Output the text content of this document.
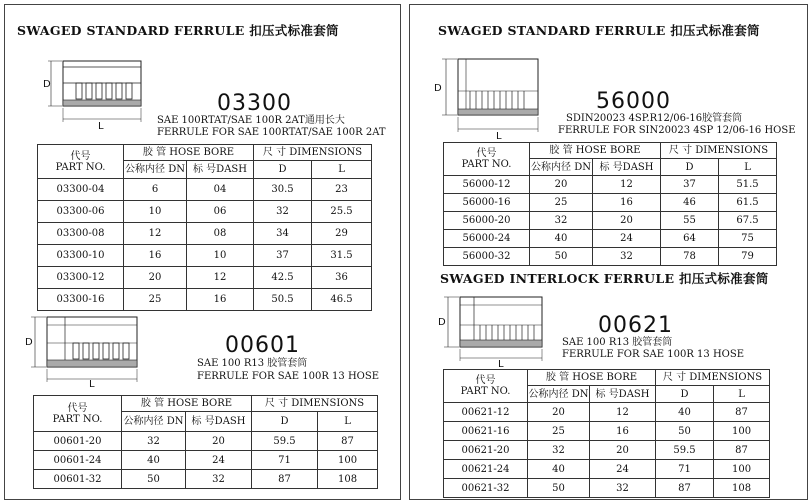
SWAGED STANDARD FERRULE 扣压式标准套筒
D
L
03300
SAE 100RTAT/SAE 100R 2AT通用长大
FERRULE FOR SAE 100RTAT/SAE 100R 2AT
代号
PART NO.	胶 管 HOSE BORE		尺 寸 DIMENSIONS	
	公称内径 DN	标 号DASH	D	L
03300-04	6	04	30.5	23
03300-06	10	06	32	25.5
03300-08	12	08	34	29
03300-10	16	10	37	31.5
03300-12	20	12	42.5	36
03300-16	25	16	50.5	46.5
D
L
00601
SAE 100 R13 胶管套筒
FERRULE FOR SAE 100R 13 HOSE
代号
PART NO.	胶 管 HOSE BORE		尺 寸 DIMENSIONS	
	公称内径 DN	标 号DASH	D	L
00601-20	32	20	59.5	87
00601-24	40	24	71	100
00601-32	50	32	87	108
SWAGED STANDARD FERRULE 扣压式标准套筒
D
L
56000
SDIN20023 4SP.R12/06-16胶管套筒
FERRULE FOR SIN20023 4SP 12/06-16 HOSE
代号
PART NO.	胶 管 HOSE BORE		尺 寸 DIMENSIONS	
	公称内径 DN	标 号DASH	D	L
56000-12	20	12	37	51.5
56000-16	25	16	46	61.5
56000-20	32	20	55	67.5
56000-24	40	24	64	75
56000-32	50	32	78	79
SWAGED INTERLOCK FERRULE 扣压式标准套筒
D
L
00621
SAE 100 R13 胶管套筒
FERRULE FOR SAE 100R 13 HOSE
代号
PART NO.	胶 管 HOSE BORE		尺 寸 DIMENSIONS	
	公称内径 DN	标 号DASH	D	L
00621-12	20	12	40	87
00621-16	25	16	50	100
00621-20	32	20	59.5	87
00621-24	40	24	71	100
00621-32	50	32	87	108
